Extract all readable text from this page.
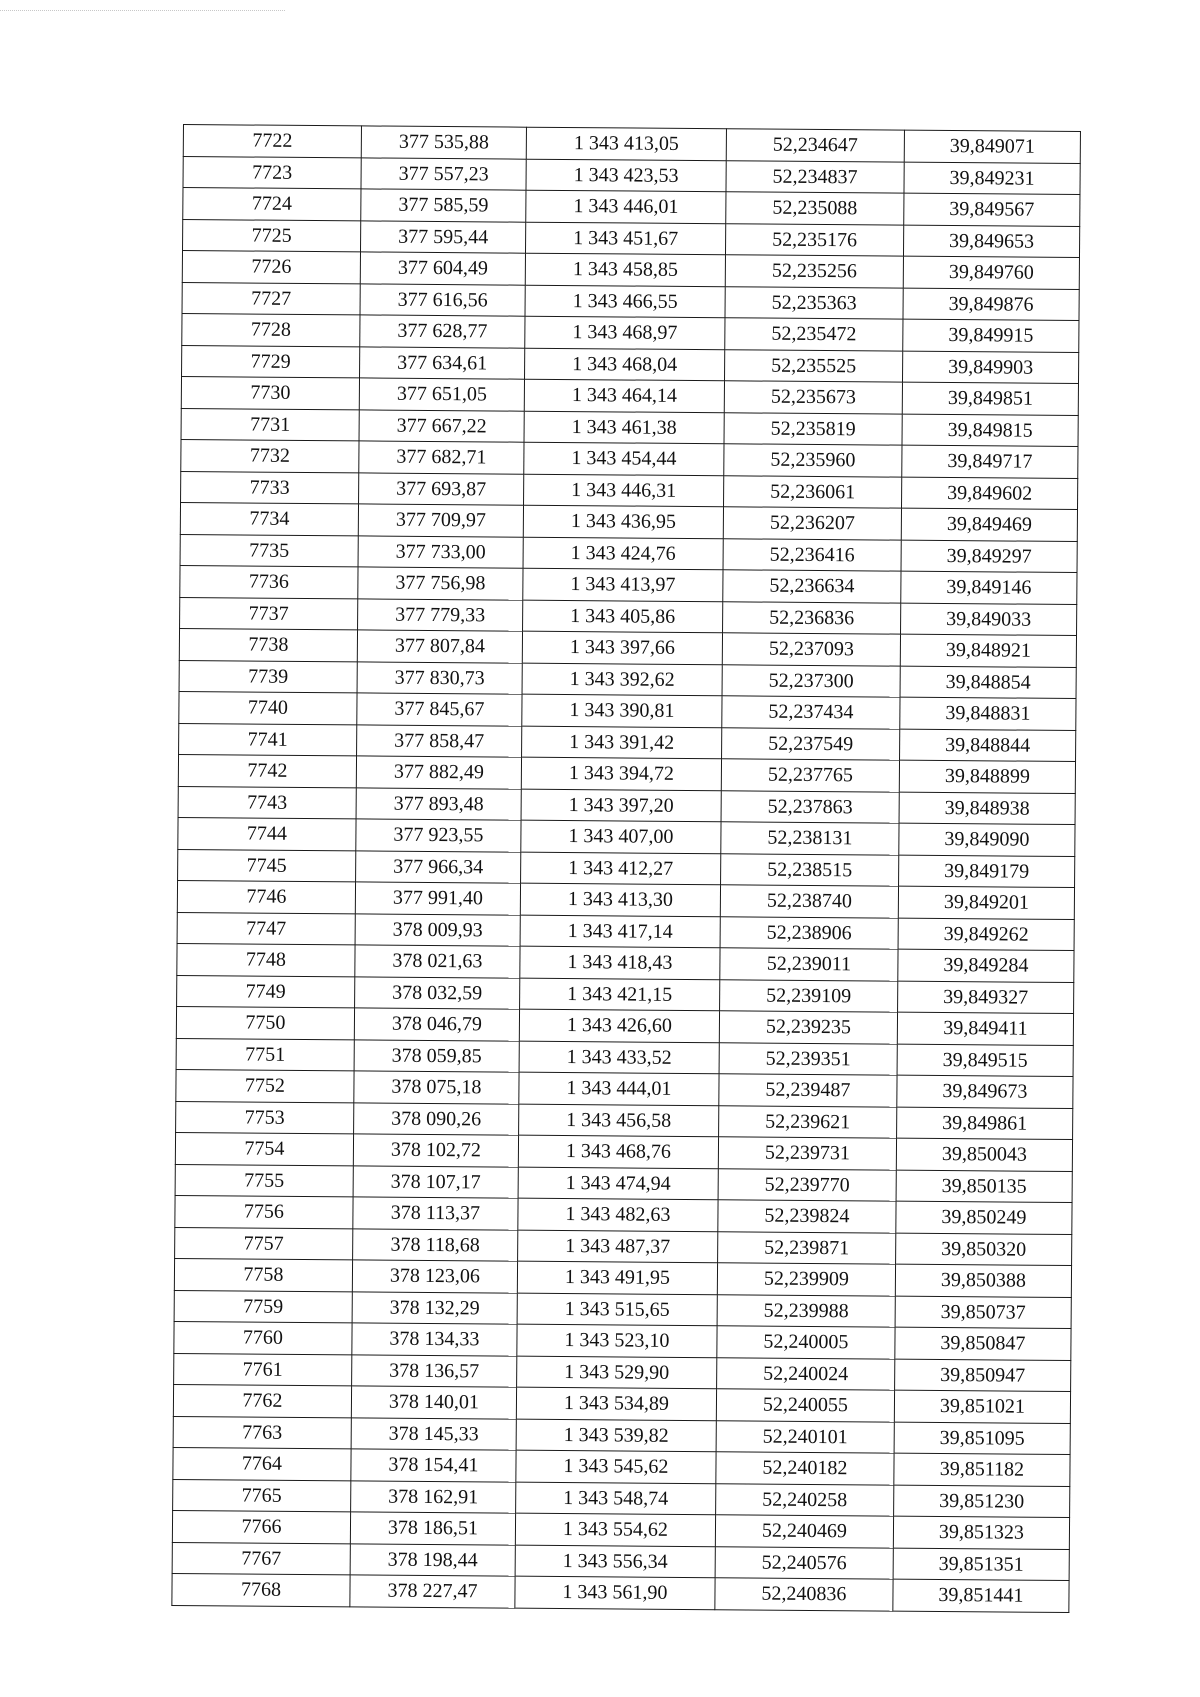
7722	377 535,88	1 343 413,05	52,234647	39,849071
7723	377 557,23	1 343 423,53	52,234837	39,849231
7724	377 585,59	1 343 446,01	52,235088	39,849567
7725	377 595,44	1 343 451,67	52,235176	39,849653
7726	377 604,49	1 343 458,85	52,235256	39,849760
7727	377 616,56	1 343 466,55	52,235363	39,849876
7728	377 628,77	1 343 468,97	52,235472	39,849915
7729	377 634,61	1 343 468,04	52,235525	39,849903
7730	377 651,05	1 343 464,14	52,235673	39,849851
7731	377 667,22	1 343 461,38	52,235819	39,849815
7732	377 682,71	1 343 454,44	52,235960	39,849717
7733	377 693,87	1 343 446,31	52,236061	39,849602
7734	377 709,97	1 343 436,95	52,236207	39,849469
7735	377 733,00	1 343 424,76	52,236416	39,849297
7736	377 756,98	1 343 413,97	52,236634	39,849146
7737	377 779,33	1 343 405,86	52,236836	39,849033
7738	377 807,84	1 343 397,66	52,237093	39,848921
7739	377 830,73	1 343 392,62	52,237300	39,848854
7740	377 845,67	1 343 390,81	52,237434	39,848831
7741	377 858,47	1 343 391,42	52,237549	39,848844
7742	377 882,49	1 343 394,72	52,237765	39,848899
7743	377 893,48	1 343 397,20	52,237863	39,848938
7744	377 923,55	1 343 407,00	52,238131	39,849090
7745	377 966,34	1 343 412,27	52,238515	39,849179
7746	377 991,40	1 343 413,30	52,238740	39,849201
7747	378 009,93	1 343 417,14	52,238906	39,849262
7748	378 021,63	1 343 418,43	52,239011	39,849284
7749	378 032,59	1 343 421,15	52,239109	39,849327
7750	378 046,79	1 343 426,60	52,239235	39,849411
7751	378 059,85	1 343 433,52	52,239351	39,849515
7752	378 075,18	1 343 444,01	52,239487	39,849673
7753	378 090,26	1 343 456,58	52,239621	39,849861
7754	378 102,72	1 343 468,76	52,239731	39,850043
7755	378 107,17	1 343 474,94	52,239770	39,850135
7756	378 113,37	1 343 482,63	52,239824	39,850249
7757	378 118,68	1 343 487,37	52,239871	39,850320
7758	378 123,06	1 343 491,95	52,239909	39,850388
7759	378 132,29	1 343 515,65	52,239988	39,850737
7760	378 134,33	1 343 523,10	52,240005	39,850847
7761	378 136,57	1 343 529,90	52,240024	39,850947
7762	378 140,01	1 343 534,89	52,240055	39,851021
7763	378 145,33	1 343 539,82	52,240101	39,851095
7764	378 154,41	1 343 545,62	52,240182	39,851182
7765	378 162,91	1 343 548,74	52,240258	39,851230
7766	378 186,51	1 343 554,62	52,240469	39,851323
7767	378 198,44	1 343 556,34	52,240576	39,851351
7768	378 227,47	1 343 561,90	52,240836	39,851441
